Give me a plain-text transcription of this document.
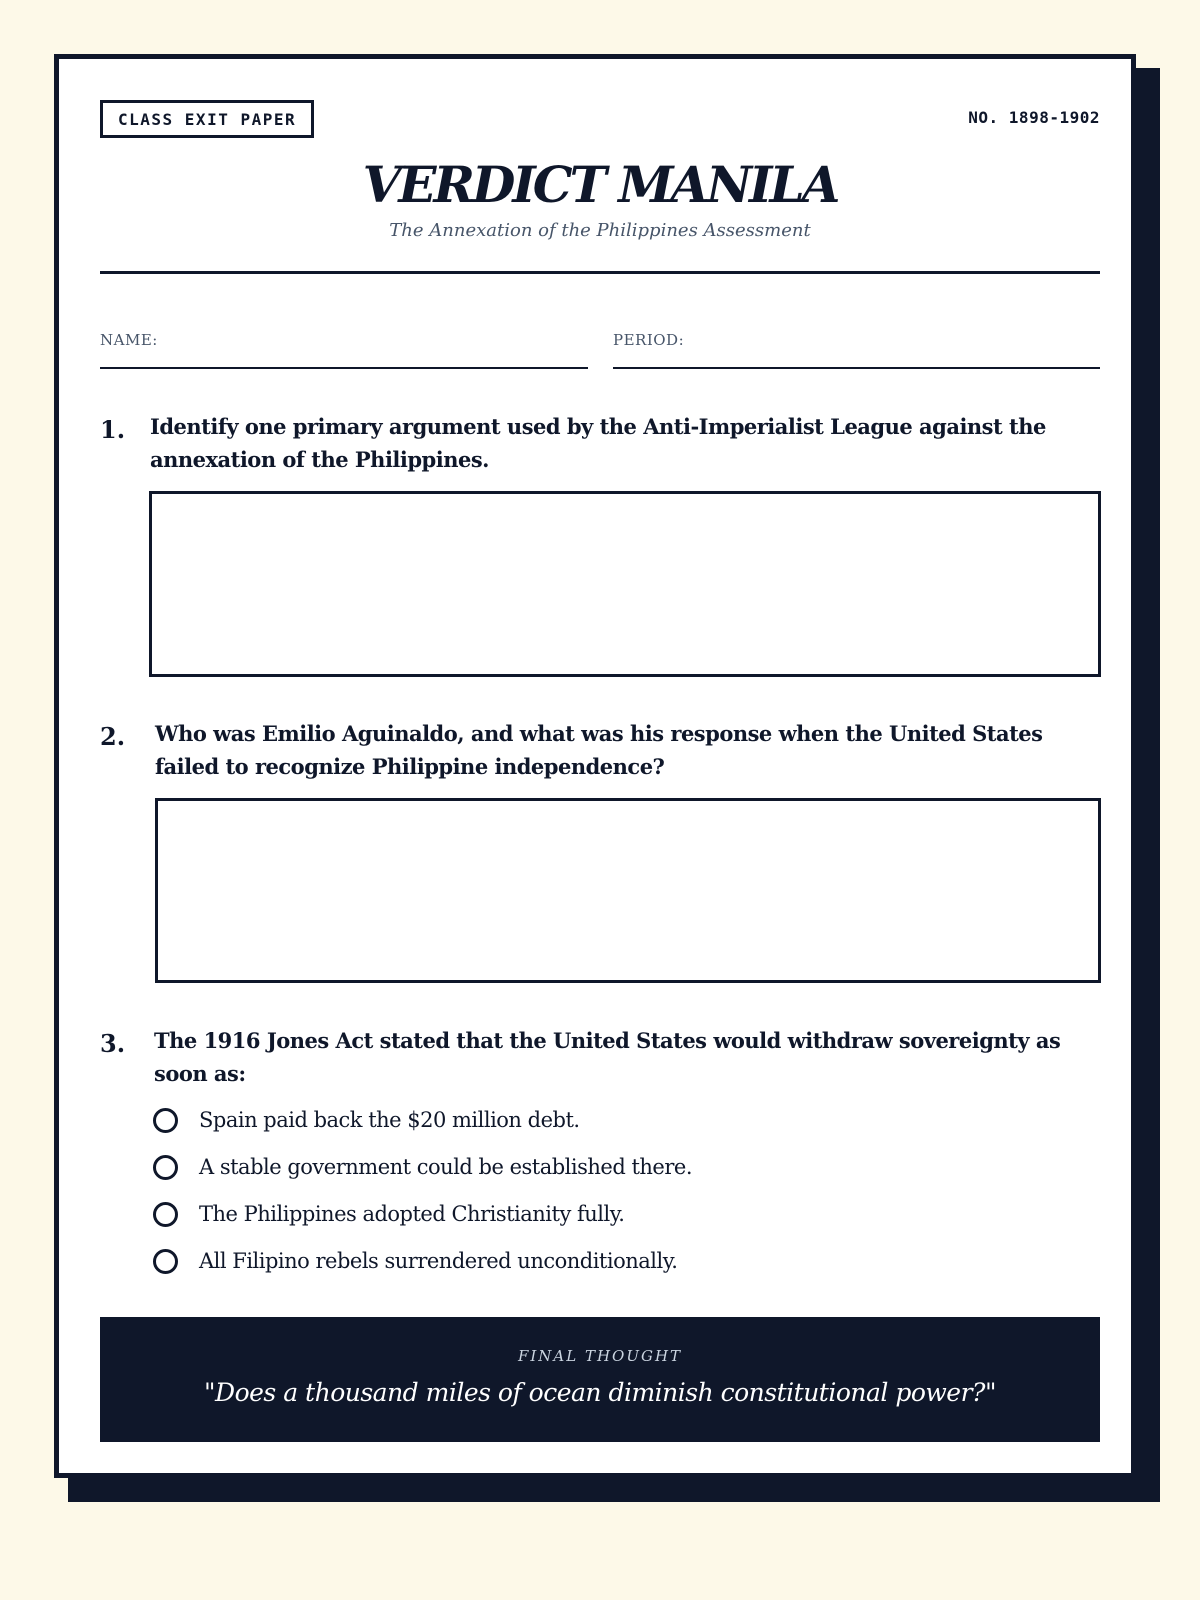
CLASS EXIT PAPER	NO. 1898-1902
VERDICT MANILA
The Annexation of the Philippines Assessment
NAME:	PERIOD:
1. Identify one primary argument used by the Anti-Imperialist League against the annexation of the Philippines.
2. Who was Emilio Aguinaldo, and what was his response when the United States failed to recognize Philippine independence?
3. The 1916 Jones Act stated that the United States would withdraw sovereignty as soon as:
Spain paid back the $20 million debt.
A stable government could be established there.
The Philippines adopted Christianity fully.
All Filipino rebels surrendered unconditionally.
FINAL THOUGHT
"Does a thousand miles of ocean diminish constitutional power?"
